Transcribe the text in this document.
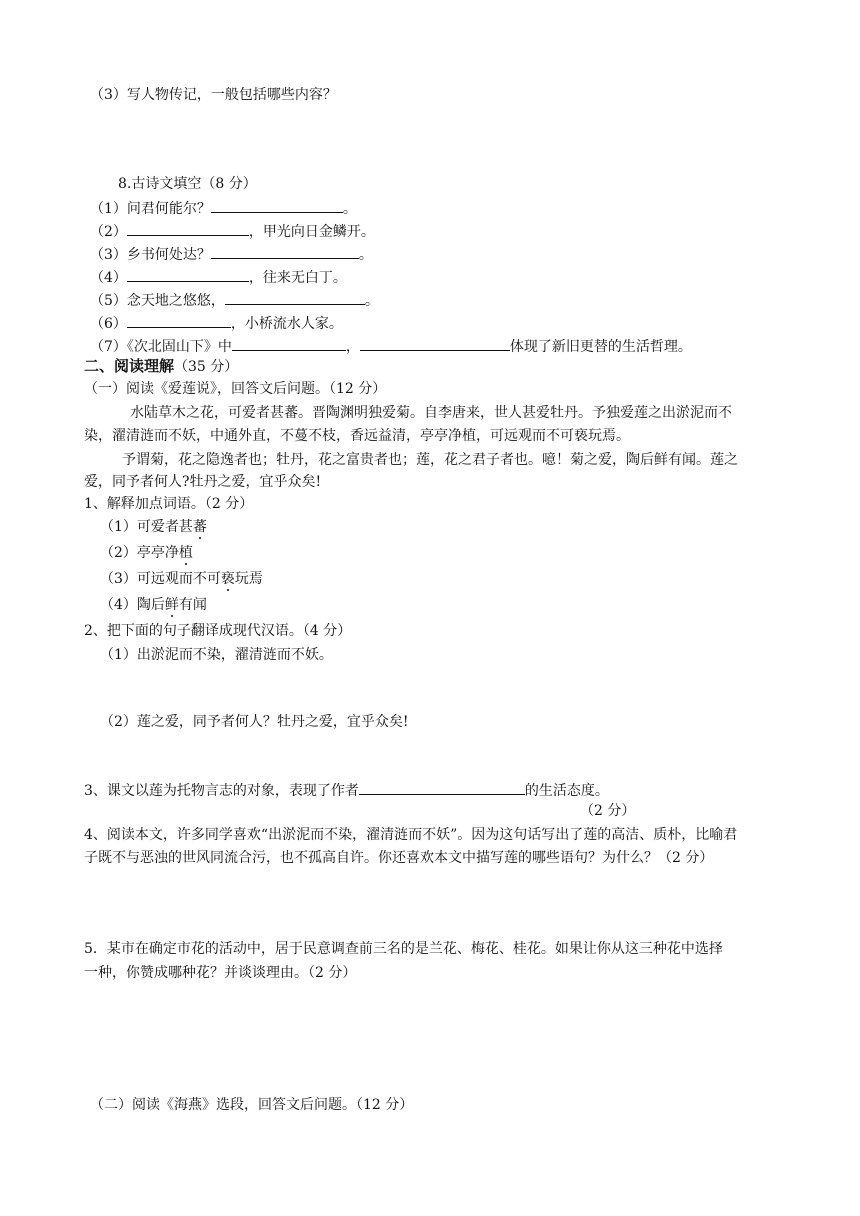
（3）写人物传记，一般包括哪些内容？
8.古诗文填空（8 分）
（1）问君何能尔？	。
（2）	，甲光向日金鳞开。
（3）乡书何处达？	。
（4）	，往来无白丁。
（5）念天地之悠悠，	。
（6）	，小桥流水人家。
（7）《次北固山下》中	，	体现了新旧更替的生活哲理。
二、阅读理解（35 分）
（一）阅读《爱莲说》，回答文后问题。（12 分）
水陆草木之花，可爱者甚蕃。晋陶渊明独爱菊。自李唐来，世人甚爱牡丹。予独爱莲之出淤泥而不
染，濯清涟而不妖，中通外直，不蔓不枝，香远益清，亭亭净植，可远观而不可亵玩焉。
予谓菊，花之隐逸者也；牡丹，花之富贵者也；莲，花之君子者也。噫！菊之爱，陶后鲜有闻。莲之
爱，同予者何人?牡丹之爱，宜乎众矣!
1、解释加点词语。（2 分）
（1）可爱者甚蕃
（2）亭亭净植
（3）可远观而不可亵玩焉
（4）陶后鲜有闻
2、把下面的句子翻译成现代汉语。（4 分）
（1）出淤泥而不染，濯清涟而不妖。
（2）莲之爱，同予者何人？牡丹之爱，宜乎众矣!
3、课文以莲为托物言志的对象，表现了作者	的生活态度。
（2 分）
4、阅读本文，许多同学喜欢“出淤泥而不染，濯清涟而不妖”。因为这句话写出了莲的高洁、质朴，比喻君
子既不与恶浊的世风同流合污，也不孤高自许。你还喜欢本文中描写莲的哪些语句？为什么？（2 分）
5．某市在确定市花的活动中，居于民意调查前三名的是兰花、梅花、桂花。如果让你从这三种花中选择
一种，你赞成哪种花？并谈谈理由。（2 分）
（二）阅读《海燕》选段，回答文后问题。（12 分）
